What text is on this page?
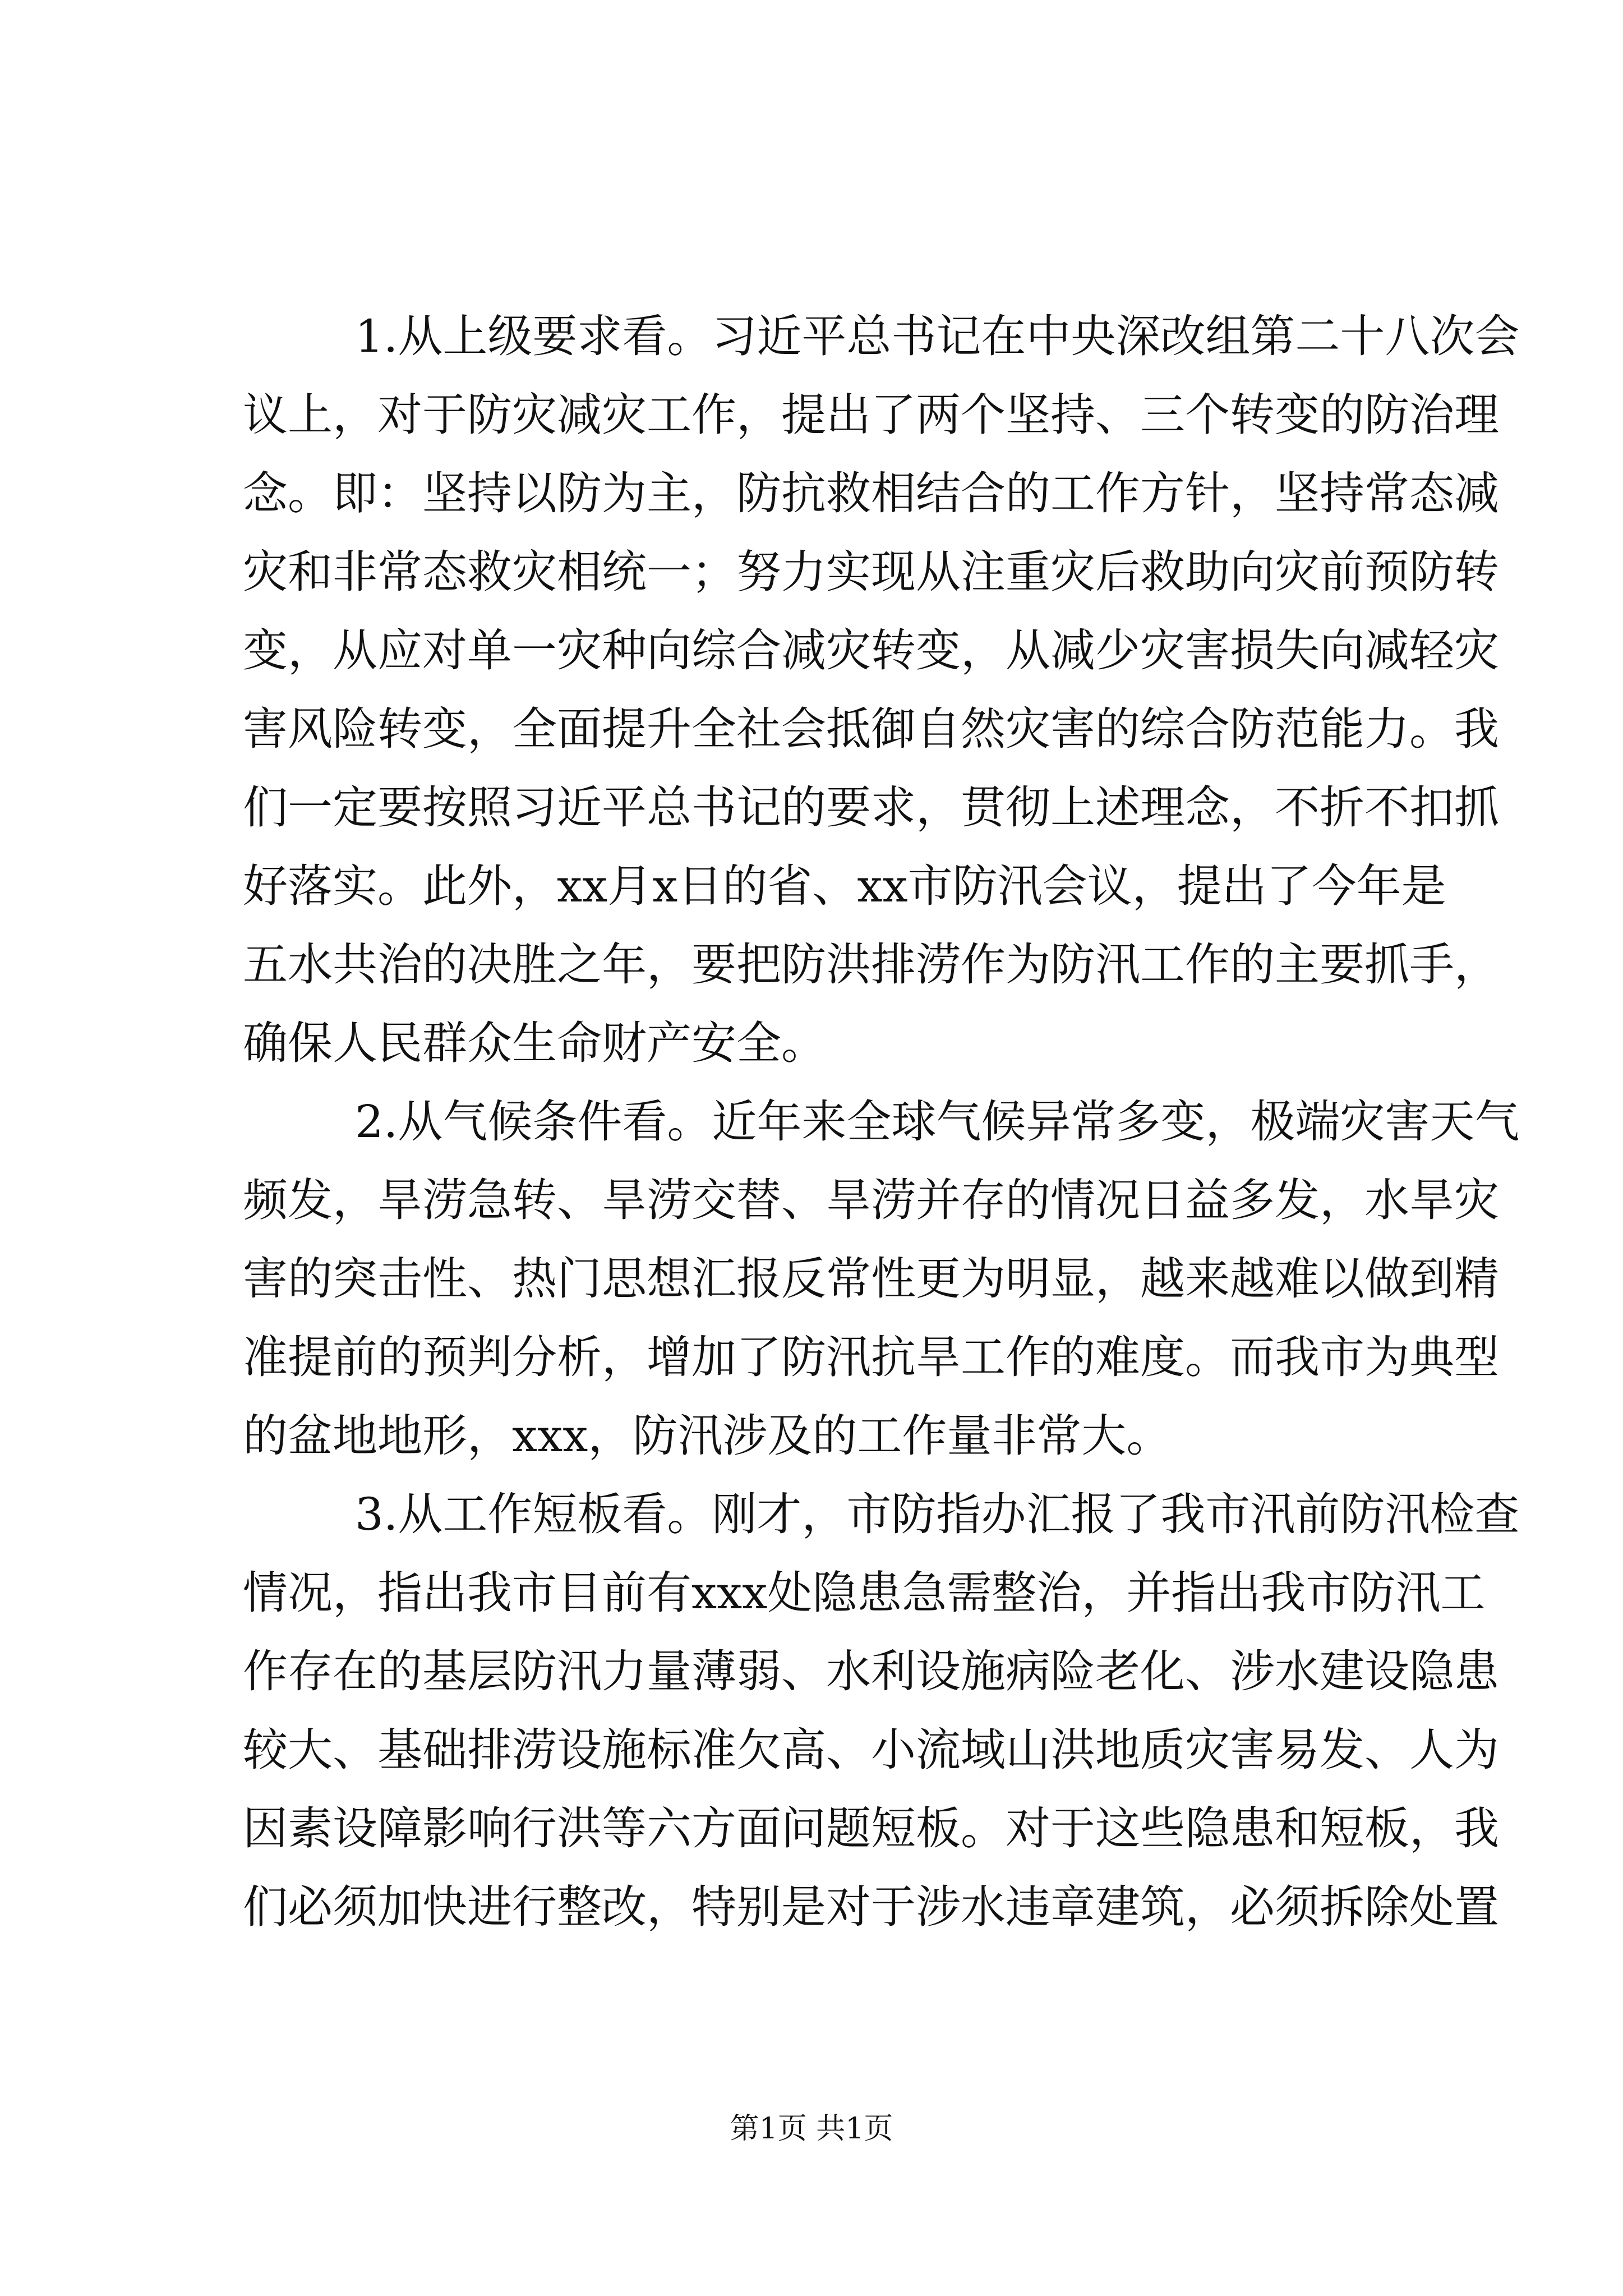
1.从上级要求看。习近平总书记在中央深改组第二十八次会
议上，对于防灾减灾工作，提出了两个坚持、三个转变的防治理
念。即：坚持以防为主，防抗救相结合的工作方针，坚持常态减
灾和非常态救灾相统一；努力实现从注重灾后救助向灾前预防转
变，从应对单一灾种向综合减灾转变，从减少灾害损失向减轻灾
害风险转变，全面提升全社会抵御自然灾害的综合防范能力。我
们一定要按照习近平总书记的要求，贯彻上述理念，不折不扣抓
好落实。此外，xx月x日的省、xx市防汛会议，提出了今年是
五水共治的决胜之年，要把防洪排涝作为防汛工作的主要抓手，
确保人民群众生命财产安全。
2.从气候条件看。近年来全球气候异常多变，极端灾害天气
频发，旱涝急转、旱涝交替、旱涝并存的情况日益多发，水旱灾
害的突击性、热门思想汇报反常性更为明显，越来越难以做到精
准提前的预判分析，增加了防汛抗旱工作的难度。而我市为典型
的盆地地形，xxx，防汛涉及的工作量非常大。
3.从工作短板看。刚才，市防指办汇报了我市汛前防汛检查
情况，指出我市目前有xxx处隐患急需整治，并指出我市防汛工
作存在的基层防汛力量薄弱、水利设施病险老化、涉水建设隐患
较大、基础排涝设施标准欠高、小流域山洪地质灾害易发、人为
因素设障影响行洪等六方面问题短板。对于这些隐患和短板，我
们必须加快进行整改，特别是对于涉水违章建筑，必须拆除处置
第1页 共1页
